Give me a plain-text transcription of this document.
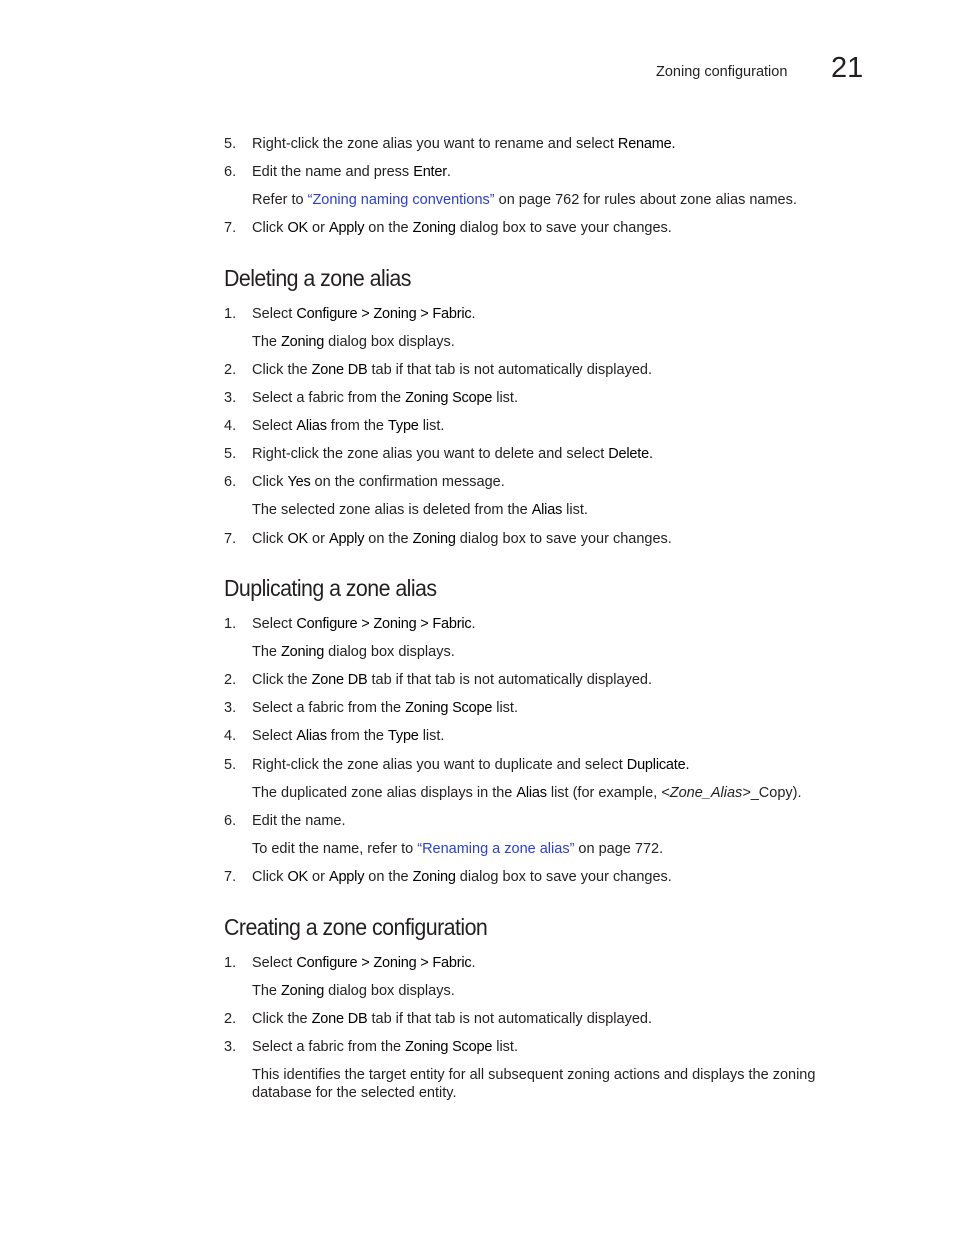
Zoning configuration 21
5.	Right-click the zone alias you want to rename and select Rename.
6.	Edit the name and press Enter.
Refer to “Zoning naming conventions” on page 762 for rules about zone alias names.
7.	Click OK or Apply on the Zoning dialog box to save your changes.
Deleting a zone alias
1.	Select Configure > Zoning > Fabric.
The Zoning dialog box displays.
2.	Click the Zone DB tab if that tab is not automatically displayed.
3.	Select a fabric from the Zoning Scope list.
4.	Select Alias from the Type list.
5.	Right-click the zone alias you want to delete and select Delete.
6.	Click Yes on the confirmation message.
The selected zone alias is deleted from the Alias list.
7.	Click OK or Apply on the Zoning dialog box to save your changes.
Duplicating a zone alias
1.	Select Configure > Zoning > Fabric.
The Zoning dialog box displays.
2.	Click the Zone DB tab if that tab is not automatically displayed.
3.	Select a fabric from the Zoning Scope list.
4.	Select Alias from the Type list.
5.	Right-click the zone alias you want to duplicate and select Duplicate.
The duplicated zone alias displays in the Alias list (for example, <Zone_Alias>_Copy).
6.	Edit the name.
To edit the name, refer to “Renaming a zone alias” on page 772.
7.	Click OK or Apply on the Zoning dialog box to save your changes.
Creating a zone configuration
1.	Select Configure > Zoning > Fabric.
The Zoning dialog box displays.
2.	Click the Zone DB tab if that tab is not automatically displayed.
3.	Select a fabric from the Zoning Scope list.
This identifies the target entity for all subsequent zoning actions and displays the zoning database for the selected entity.
